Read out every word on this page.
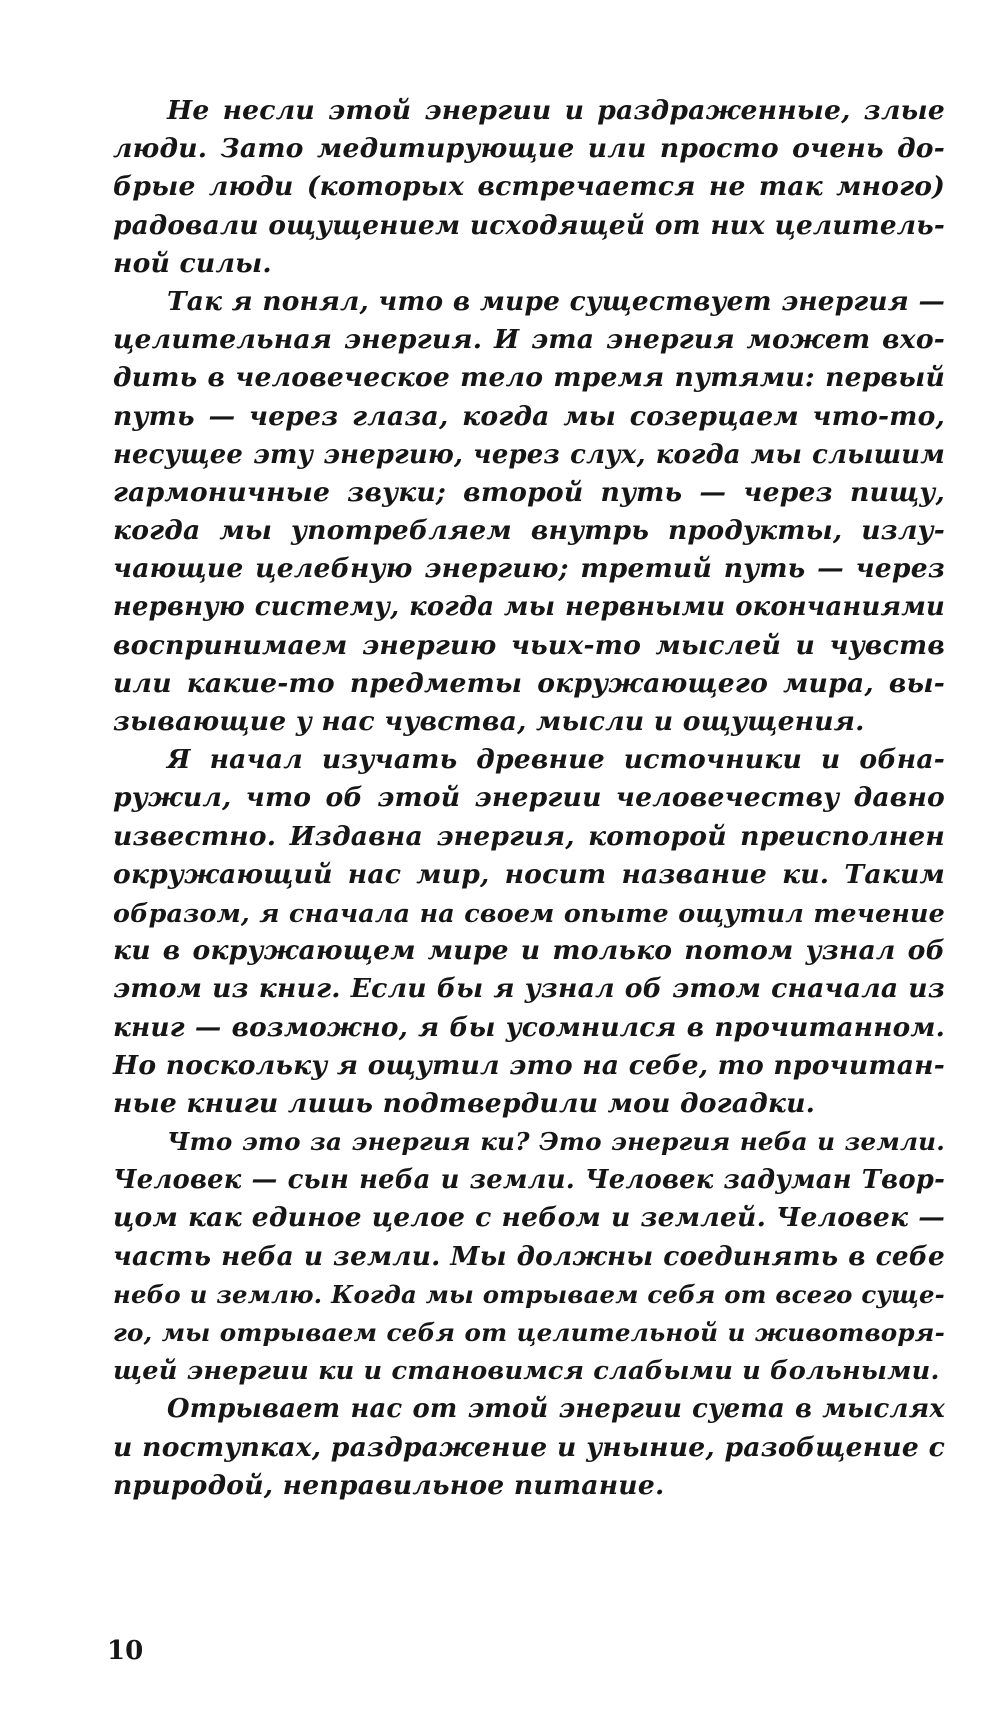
Не несли этой энергии и раздраженные, злые
люди. Зато медитирующие или просто очень до-
брые люди (которых встречается не так много)
радовали ощущением исходящей от них целитель-
ной силы.
Так я понял, что в мире существует энергия —
целительная энергия. И эта энергия может вхо-
дить в человеческое тело тремя путями: первый
путь — через глаза, когда мы созерцаем что-то,
несущее эту энергию, через слух, когда мы слышим
гармоничные звуки; второй путь — через пищу,
когда мы употребляем внутрь продукты, излу-
чающие целебную энергию; третий путь — через
нервную систему, когда мы нервными окончаниями
воспринимаем энергию чьих-то мыслей и чувств
или какие-то предметы окружающего мира, вы-
зывающие у нас чувства, мысли и ощущения.
Я начал изучать древние источники и обна-
ружил, что об этой энергии человечеству давно
известно. Издавна энергия, которой преисполнен
окружающий нас мир, носит название ки. Таким
образом, я сначала на своем опыте ощутил течение
ки в окружающем мире и только потом узнал об
этом из книг. Если бы я узнал об этом сначала из
книг — возможно, я бы усомнился в прочитанном.
Но поскольку я ощутил это на себе, то прочитан-
ные книги лишь подтвердили мои догадки.
Что это за энергия ки? Это энергия неба и земли.
Человек — сын неба и земли. Человек задуман Твор-
цом как единое целое с небом и землей. Человек —
часть неба и земли. Мы должны соединять в себе
небо и землю. Когда мы отрываем себя от всего суще-
го, мы отрываем себя от целительной и животворя-
щей энергии ки и становимся слабыми и больными.
Отрывает нас от этой энергии суета в мыслях
и поступках, раздражение и уныние, разобщение с
природой, неправильное питание.
10
